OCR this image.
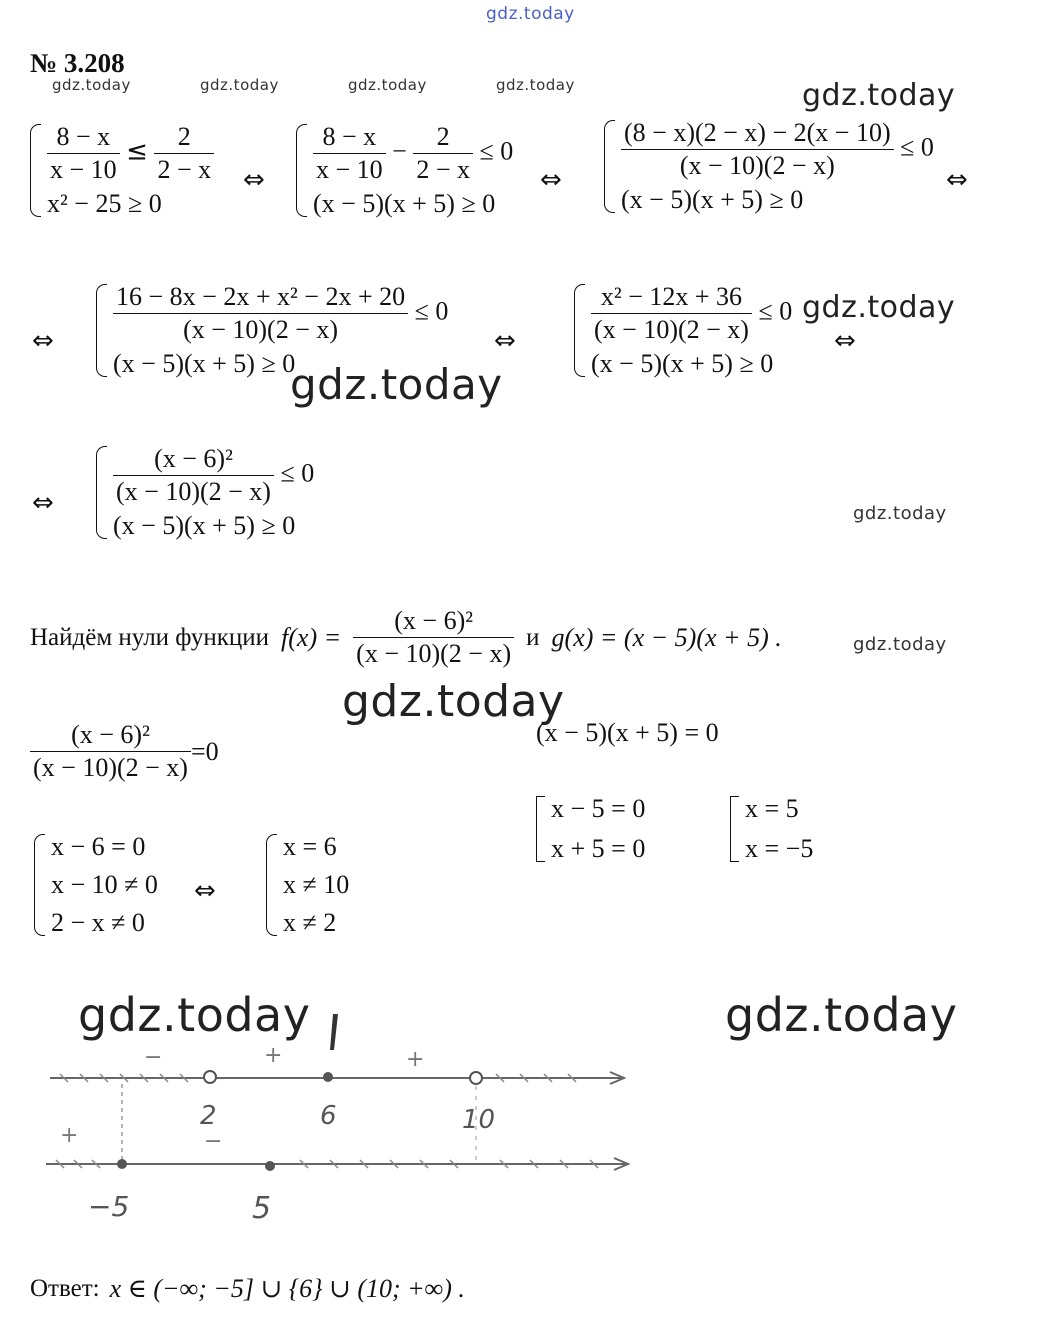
gdz.today
gdz.today	gdz.today	gdz.today	gdz.today	gdz.today
gdz.today
gdz.today
gdz.today
gdz.today
gdz.today
gdz.today	gdz.today
№ 3.208
$\frac{8 - x}{x - 10} \le \frac{2}{2 - x}$
x² − 25 ≥ 0
⇔ $\frac{8 - x}{x - 10} - \frac{2}{2 - x} \le 0$
(x − 5)(x + 5) ≥ 0
⇔
$\frac{(8 - x)(2 - x) - 2(x - 10)}{(x - 10)(2 - x)} \le 0$
(x − 5)(x + 5) ≥ 0
⇔
⇔ $\frac{\text{16 − 8x − 2x + x² − 2x + 20}}{(x - 10)(2 - x)} \le 0$
(x − 5)(x + 5) ≥ 0
⇔	$\frac{\text{x² − 12x + 36}}{(x - 10)(2 - x)} \le 0$
(x − 5)(x + 5) ≥ 0
⇔
⇔ $\frac{\text{(x − 6)²}}{(x - 10)(2 - x)} \le 0$
(x − 5)(x + 5) ≥ 0
Найдём нули функции $f(x) = \frac{\text{(x − 6)²}}{(x - 10)(2 - x)}$ и g(x) = (x − 5)(x + 5) .
$\frac{\text{(x − 6)²}}{(x - 10)(2 - x)} =0$
x − 6 = 0
x − 10 ≠ 0
2 − x ≠ 0
⇔
x = 6
x ≠ 10
x ≠ 2
(x − 5)(x + 5) = 0
x − 5 = 0
x + 5 = 0
x = 5
x = −5
−	+	+
2	6	10
+	−
−5	5
Ответ: x ∈ (−∞; −5] ∪ {6} ∪ (10; +∞) .
